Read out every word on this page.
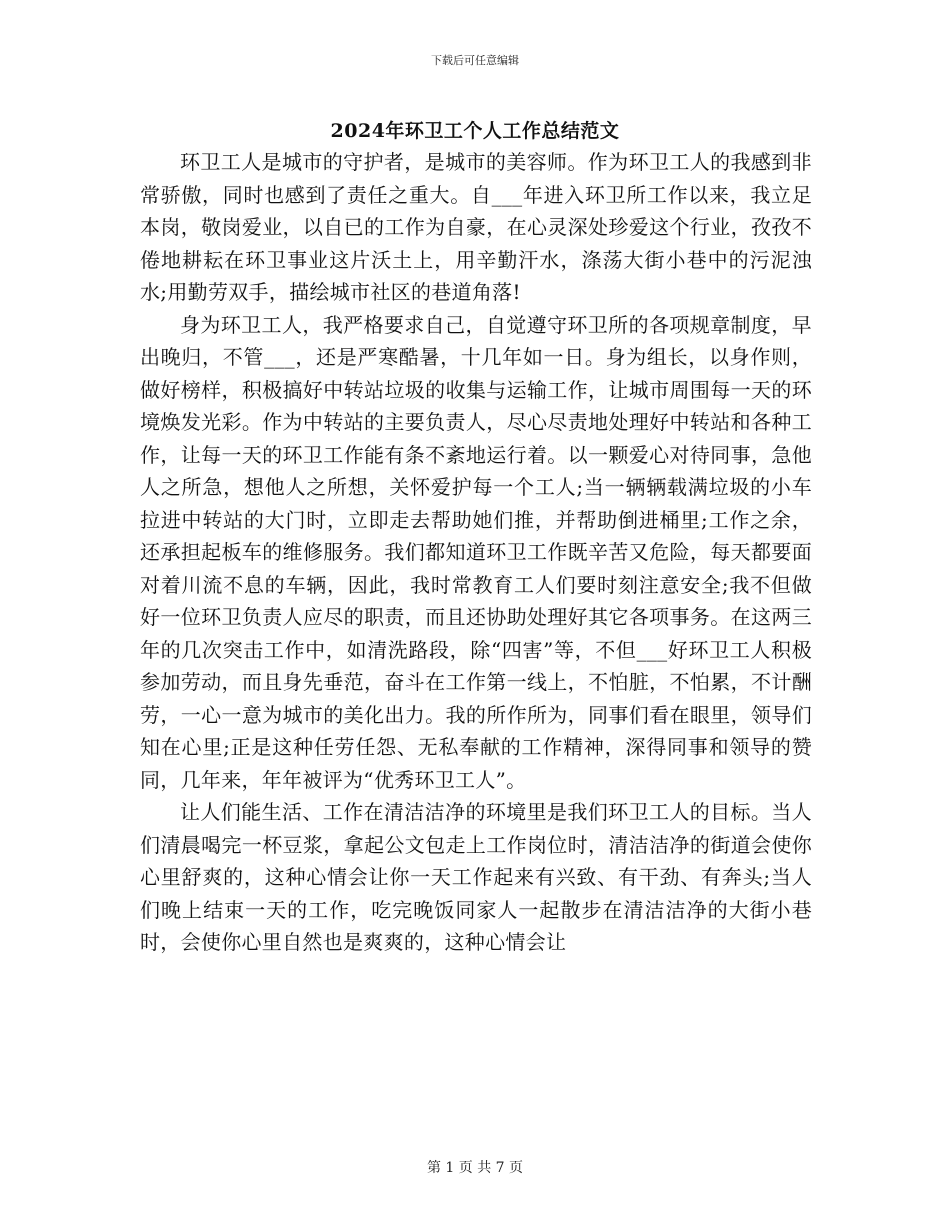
下载后可任意编辑
2024年环卫工个人工作总结范文

环卫工人是城市的守护者，是城市的美容师。作为环卫工人的我感到非常骄傲，同时也感到了责任之重大。自___年进入环卫所工作以来，我立足本岗，敬岗爱业，以自已的工作为自豪，在心灵深处珍爱这个行业，孜孜不倦地耕耘在环卫事业这片沃土上，用辛勤汗水，涤荡大街小巷中的污泥浊水;用勤劳双手，描绘城市社区的巷道角落!

身为环卫工人，我严格要求自己，自觉遵守环卫所的各项规章制度，早出晚归，不管___，还是严寒酷暑，十几年如一日。身为组长，以身作则，做好榜样，积极搞好中转站垃圾的收集与运输工作，让城市周围每一天的环境焕发光彩。作为中转站的主要负责人，尽心尽责地处理好中转站和各种工作，让每一天的环卫工作能有条不紊地运行着。以一颗爱心对待同事，急他人之所急，想他人之所想，关怀爱护每一个工人;当一辆辆载满垃圾的小车拉进中转站的大门时，立即走去帮助她们推，并帮助倒进桶里;工作之余，还承担起板车的维修服务。我们都知道环卫工作既辛苦又危险，每天都要面对着川流不息的车辆，因此，我时常教育工人们要时刻注意安全;我不但做好一位环卫负责人应尽的职责，而且还协助处理好其它各项事务。在这两三年的几次突击工作中，如清洗路段，除“四害”等，不但___好环卫工人积极参加劳动，而且身先垂范，奋斗在工作第一线上，不怕脏，不怕累，不计酬劳，一心一意为城市的美化出力。我的所作所为，同事们看在眼里，领导们知在心里;正是这种任劳任怨、无私奉献的工作精神，深得同事和领导的赞同，几年来，年年被评为“优秀环卫工人”。

让人们能生活、工作在清洁洁净的环境里是我们环卫工人的目标。当人们清晨喝完一杯豆浆，拿起公文包走上工作岗位时，清洁洁净的街道会使你心里舒爽的，这种心情会让你一天工作起来有兴致、有干劲、有奔头;当人们晚上结束一天的工作，吃完晚饭同家人一起散步在清洁洁净的大街小巷时，会使你心里自然也是爽爽的，这种心情会让

第 1 页 共 7 页
